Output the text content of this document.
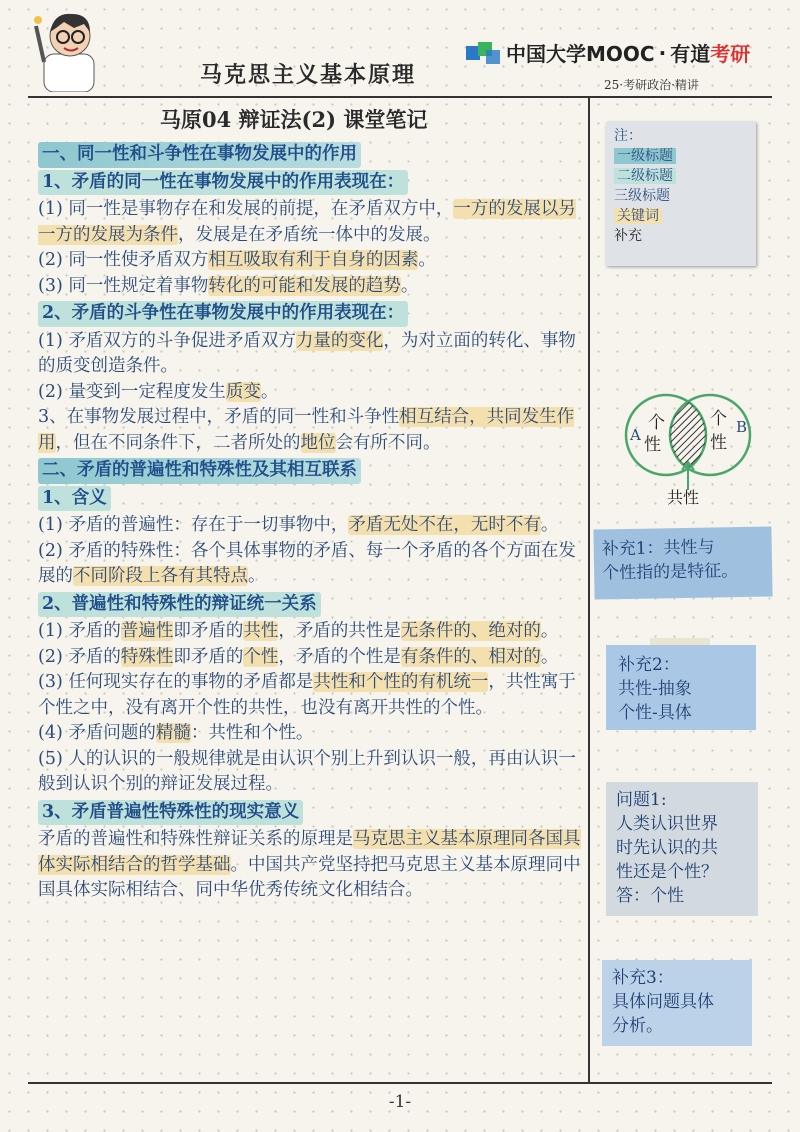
马克思主义基本原理
中国大学MOOC · 有道 考研
25·考研政治·精讲
马原04 辩证法(2) 课堂笔记
一、同一性和斗争性在事物发展中的作用
1、矛盾的同一性在事物发展中的作用表现在：

(1) 同一性是事物存在和发展的前提，在矛盾双方中，一方的发展以另一方的发展为条件，发展是在矛盾统一体中的发展。

(2) 同一性使矛盾双方相互吸取有利于自身的因素。

(3) 同一性规定着事物转化的可能和发展的趋势。

2、矛盾的斗争性在事物发展中的作用表现在：

(1) 矛盾双方的斗争促进矛盾双方力量的变化，为对立面的转化、事物的质变创造条件。

(2) 量变到一定程度发生质变。

3、在事物发展过程中，矛盾的同一性和斗争性相互结合，共同发生作用，但在不同条件下，二者所处的地位会有所不同。

二、矛盾的普遍性和特殊性及其相互联系
1、含义

(1) 矛盾的普遍性：存在于一切事物中，矛盾无处不在，无时不有。

(2) 矛盾的特殊性：各个具体事物的矛盾、每一个矛盾的各个方面在发展的不同阶段上各有其特点。

2、普遍性和特殊性的辩证统一关系

(1) 矛盾的普遍性即矛盾的共性，矛盾的共性是无条件的、绝对的。

(2) 矛盾的特殊性即矛盾的个性，矛盾的个性是有条件的、相对的。

(3) 任何现实存在的事物的矛盾都是共性和个性的有机统一，共性寓于个性之中，没有离开个性的共性，也没有离开共性的个性。

(4) 矛盾问题的精髓：共性和个性。

(5) 人的认识的一般规律就是由认识个别上升到认识一般，再由认识一般到认识个别的辩证发展过程。

3、矛盾普遍性特殊性的现实意义

矛盾的普遍性和特殊性辩证关系的原理是马克思主义基本原理同各国具体实际相结合的哲学基础。中国共产党坚持把马克思主义基本原理同中国具体实际相结合、同中华优秀传统文化相结合。

注：
一级标题
二级标题
三级标题
关键词
补充
A	B
个
性
个
性
共性
补充1：共性与
个性指的是特征。
补充2：
共性-抽象
个性-具体
问题1:
人类认识世界
时先认识的共
性还是个性？
答：个性
补充3：
具体问题具体
分析。
-1-
